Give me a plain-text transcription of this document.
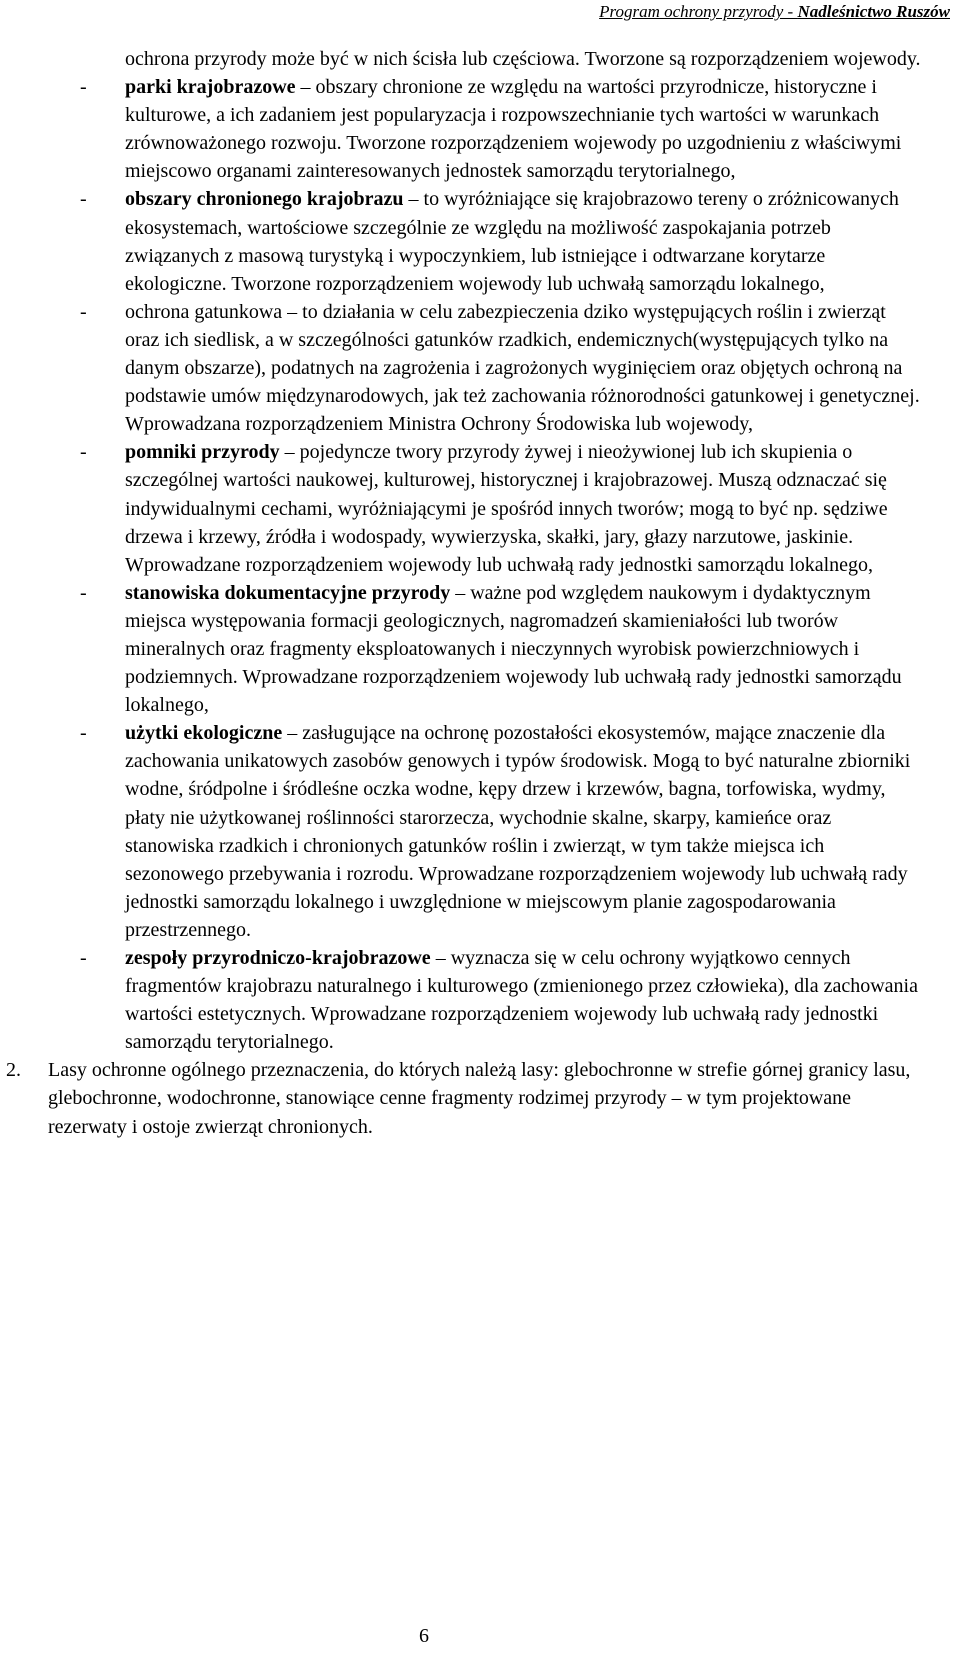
Program ochrony przyrody - Nadleśnictwo Ruszów
ochrona przyrody może być w nich ścisła lub częściowa. Tworzone są rozporządzeniem wojewody.
- parki krajobrazowe – obszary chronione ze względu na wartości przyrodnicze, historyczne i kulturowe, a ich zadaniem jest popularyzacja i rozpowszechnianie tych wartości w warunkach zrównoważonego rozwoju. Tworzone rozporządzeniem wojewody po uzgodnieniu z właściwymi miejscowo organami zainteresowanych jednostek samorządu terytorialnego,
- obszary chronionego krajobrazu – to wyróżniające się krajobrazowo tereny o zróżnicowanych ekosystemach, wartościowe szczególnie ze względu na możliwość zaspokajania potrzeb związanych z masową turystyką i wypoczynkiem, lub istniejące i odtwarzane korytarze ekologiczne. Tworzone rozporządzeniem wojewody lub uchwałą samorządu lokalnego,
- ochrona gatunkowa – to działania w celu zabezpieczenia dziko występujących roślin i zwierząt oraz ich siedlisk, a w szczególności gatunków rzadkich, endemicznych(występujących tylko na danym obszarze), podatnych na zagrożenia i zagrożonych wyginięciem oraz objętych ochroną na podstawie umów międzynarodowych, jak też zachowania różnorodności gatunkowej i genetycznej. Wprowadzana rozporządzeniem Ministra Ochrony Środowiska lub wojewody,
- pomniki przyrody – pojedyncze twory przyrody żywej i nieożywionej lub ich skupienia o szczególnej wartości naukowej, kulturowej, historycznej i krajobrazowej. Muszą odznaczać się indywidualnymi cechami, wyróżniającymi je spośród innych tworów; mogą to być np. sędziwe drzewa i krzewy, źródła i wodospady, wywierzyska, skałki, jary, głazy narzutowe, jaskinie. Wprowadzane rozporządzeniem wojewody lub uchwałą rady jednostki samorządu lokalnego,
- stanowiska dokumentacyjne przyrody – ważne pod względem naukowym i dydaktycznym miejsca występowania formacji geologicznych, nagromadzeń skamieniałości lub tworów mineralnych oraz fragmenty eksploatowanych i nieczynnych wyrobisk powierzchniowych i podziemnych. Wprowadzane rozporządzeniem wojewody lub uchwałą rady jednostki samorządu lokalnego,
- użytki ekologiczne – zasługujące na ochronę pozostałości ekosystemów, mające znaczenie dla zachowania unikatowych zasobów genowych i typów środowisk. Mogą to być naturalne zbiorniki wodne, śródpolne i śródleśne oczka wodne, kępy drzew i krzewów, bagna, torfowiska, wydmy, płaty nie użytkowanej roślinności starorzecza, wychodnie skalne, skarpy, kamieńce oraz stanowiska rzadkich i chronionych gatunków roślin i zwierząt, w tym także miejsca ich sezonowego przebywania i rozrodu. Wprowadzane rozporządzeniem wojewody lub uchwałą rady jednostki samorządu lokalnego i uwzględnione w miejscowym planie zagospodarowania przestrzennego.
- zespoły przyrodniczo-krajobrazowe – wyznacza się w celu ochrony wyjątkowo cennych fragmentów krajobrazu naturalnego i kulturowego (zmienionego przez człowieka), dla zachowania wartości estetycznych. Wprowadzane rozporządzeniem wojewody lub uchwałą rady jednostki samorządu terytorialnego.
2. Lasy ochronne ogólnego przeznaczenia, do których należą lasy: glebochronne w strefie górnej granicy lasu, glebochronne, wodochronne, stanowiące cenne fragmenty rodzimej przyrody – w tym projektowane rezerwaty i ostoje zwierząt chronionych.
6
